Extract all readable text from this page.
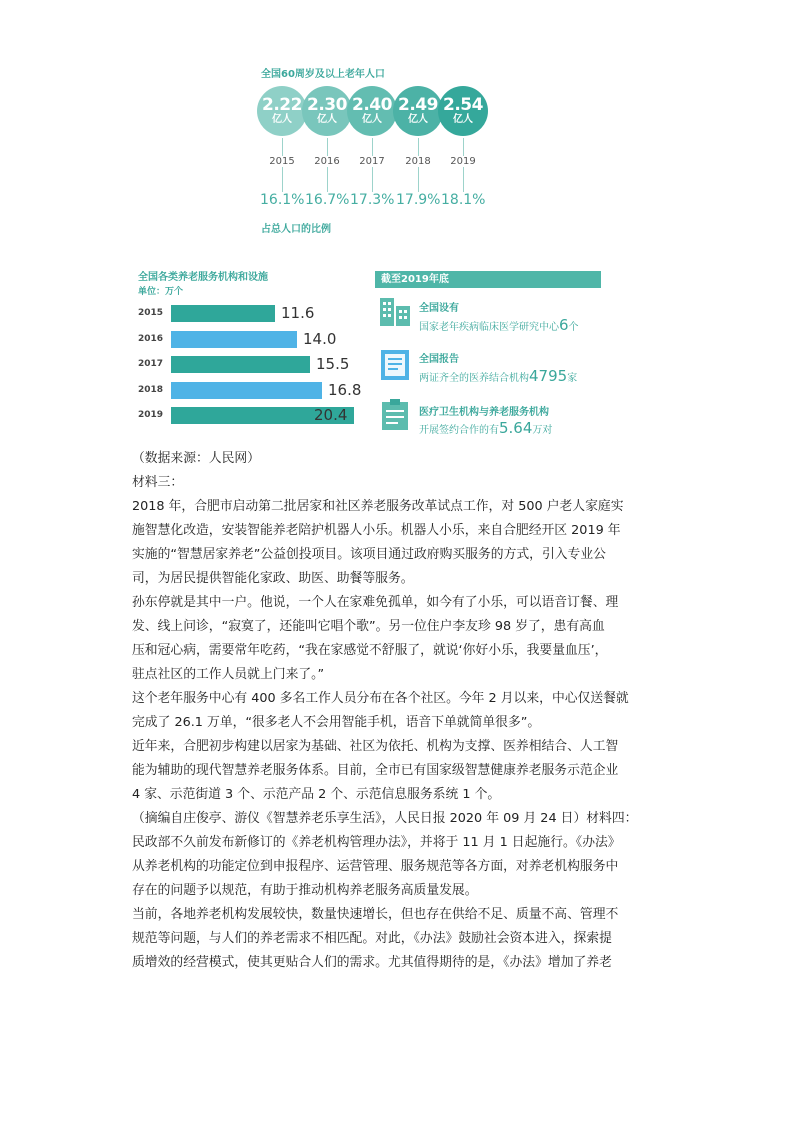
全国60周岁及以上老年人口
2.22
亿人
2015
16.1%
2.30
亿人
2016
16.7%
2.40
亿人
2017
17.3%
2.49
亿人
2018
17.9%
2.54
亿人
2019
18.1%
占总人口的比例
全国各类养老服务机构和设施
单位：万个
2015	11.6
2016	14.0
2017	15.5
2018	16.8
2019	20.4
截至2019年底
全国设有
国家老年疾病临床医学研究中心6个
全国报告
两证齐全的医养结合机构4795家
医疗卫生机构与养老服务机构
开展签约合作的有5.64万对
（数据来源：人民网）
材料三：
2018 年，合肥市启动第二批居家和社区养老服务改革试点工作，对 500 户老人家庭实
施智慧化改造，安装智能养老陪护机器人小乐。机器人小乐，来自合肥经开区 2019 年
实施的“智慧居家养老”公益创投项目。该项目通过政府购买服务的方式，引入专业公
司，为居民提供智能化家政、助医、助餐等服务。
孙东停就是其中一户。他说，一个人在家难免孤单，如今有了小乐，可以语音订餐、理
发、线上问诊，“寂寞了，还能叫它唱个歌”。另一位住户李友珍 98 岁了，患有高血
压和冠心病，需要常年吃药，“我在家感觉不舒服了，就说‘你好小乐，我要量血压’，
驻点社区的工作人员就上门来了。”
这个老年服务中心有 400 多名工作人员分布在各个社区。今年 2 月以来，中心仅送餐就
完成了 26.1 万单，“很多老人不会用智能手机，语音下单就简单很多”。
近年来，合肥初步构建以居家为基础、社区为依托、机构为支撑、医养相结合、人工智
能为辅助的现代智慧养老服务体系。目前，全市已有国家级智慧健康养老服务示范企业
4 家、示范街道 3 个、示范产品 2 个、示范信息服务系统 1 个。
（摘编自庄俊亭、游仪《智慧养老乐享生活》，人民日报 2020 年 09 月 24 日）材料四：
民政部不久前发布新修订的《养老机构管理办法》，并将于 11 月 1 日起施行。《办法》
从养老机构的功能定位到申报程序、运营管理、服务规范等各方面，对养老机构服务中
存在的问题予以规范，有助于推动机构养老服务高质量发展。
当前，各地养老机构发展较快，数量快速增长，但也存在供给不足、质量不高、管理不
规范等问题，与人们的养老需求不相匹配。对此，《办法》鼓励社会资本进入，探索提
质增效的经营模式，使其更贴合人们的需求。尤其值得期待的是，《办法》增加了养老
